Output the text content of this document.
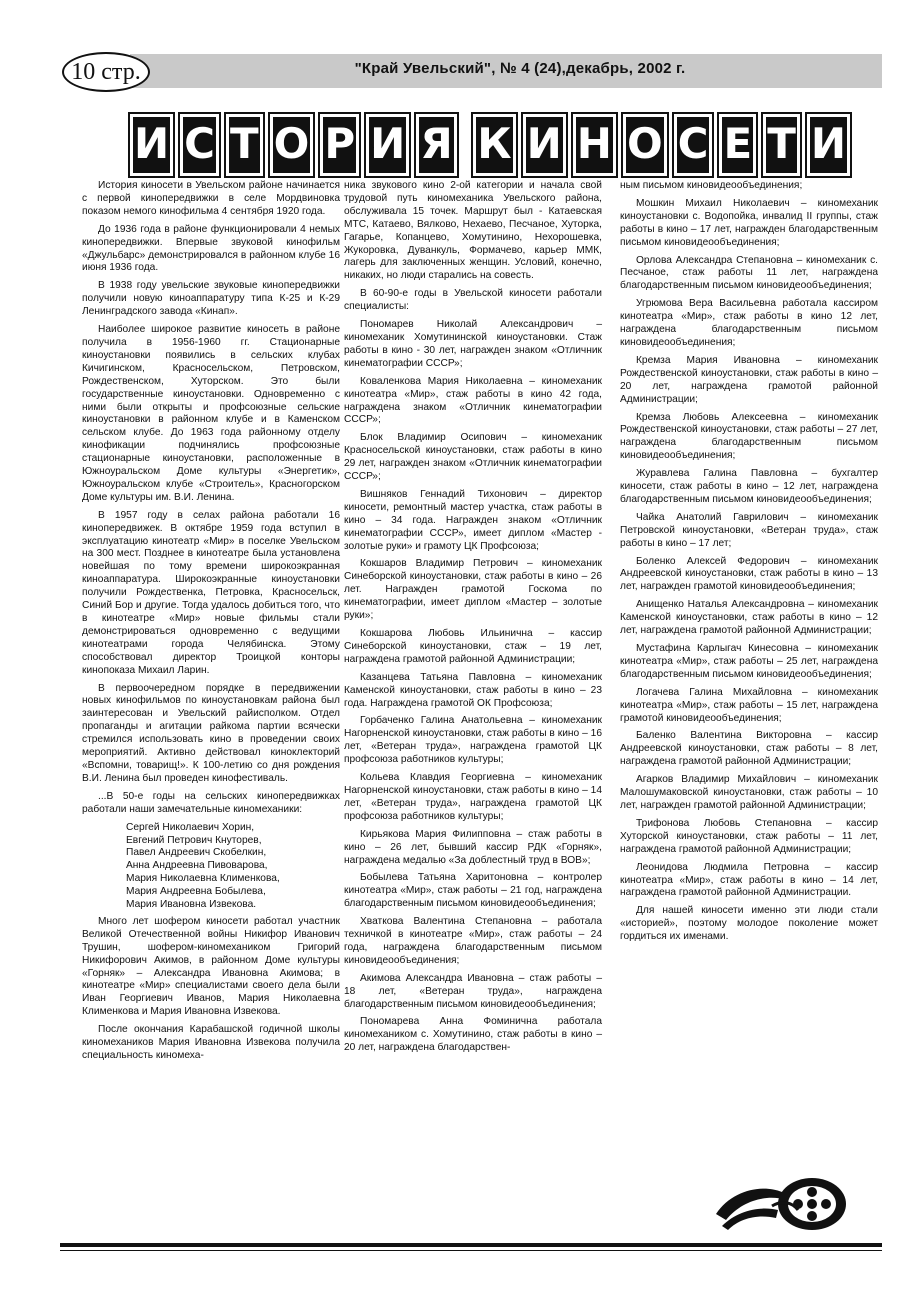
10 стр.	"Край Увельский", № 4 (24),декабрь, 2002 г.
И С Т О Р И Я К И Н О С Е Т И

История киносети в Увельском районе начинается с первой кинопередвижки в селе Мордвиновка показом немого кинофильма 4 сентября 1920 года.

До 1936 года в районе функционировали 4 немых кинопередвижки. Впервые звуковой кинофильм «Джульбарс» демонстрировался в районном клубе 16 июня 1936 года.

В 1938 году увельские звуковые кинопередвижки получили новую киноаппаратуру типа К-25 и К-29 Ленинградского завода «Кинап».

Наиболее широкое развитие киносеть в районе получила в 1956-1960 гг. Стационарные киноустановки появились в сельских клубах Кичигинском, Красносельском, Петровском, Рождественском, Хуторском. Это были государственные киноустановки. Одновременно с ними были открыты и профсоюзные сельские киноустановки в районном клубе и в Каменском сельском клубе. До 1963 года районному отделу кинофикации подчинялись профсоюзные стационарные киноустановки, расположенные в Южноуральском Доме культуры «Энергетик», Южноуральском клубе «Строитель», Красногорском Доме культуры им. В.И. Ленина.

В 1957 году в селах района работали 16 кинопередвижек. В октябре 1959 года вступил в эксплуатацию кинотеатр «Мир» в поселке Увельском на 300 мест. Позднее в кинотеатре была установлена новейшая по тому времени широкоэкранная киноаппаратура. Широкоэкранные киноустановки получили Рождественка, Петровка, Красносельск, Синий Бор и другие. Тогда удалось добиться того, что в кинотеатре «Мир» новые фильмы стали демонстрироваться одновременно с ведущими кинотеатрами города Челябинска. Этому способствовал директор Троицкой конторы кинопоказа Михаил Ларин.

В первоочередном порядке в передвижении новых кинофильмов по киноустановкам района был заинтересован и Увельский райисполком. Отдел пропаганды и агитации райкома партии всячески стремился использовать кино в проведении своих мероприятий. Активно действовал киноклекторий «Вспомни, товарищ!». К 100-летию со дня рождения В.И. Ленина был проведен кинофестиваль.

...В 50-е годы на сельских кинопередвижках работали наши замечательные киномеханики:

Сергей Николаевич Хорин,
Евгений Петрович Кнуторев,
Павел Андреевич Скобелкин,
Анна Андреевна Пивоварова,
Мария Николаевна Клименкова,
Мария Андреевна Бобылева,
Мария Ивановна Извекова.

Много лет шофером киносети работал участник Великой Отечественной войны Никифор Иванович Трушин, шофером-киномехаником Григорий Никифорович Акимов, в районном Доме культуры «Горняк» – Александра Ивановна Акимова; в кинотеатре «Мир» специалистами своего дела были Иван Георгиевич Иванов, Мария Николаевна Клименкова и Мария Ивановна Извекова.

После окончания Карабашской годичной школы киномехаников Мария Ивановна Извекова получила специальность киномеха-

ника звукового кино 2-ой категории и начала свой трудовой путь киномеханика Увельского района, обслуживала 15 точек. Маршрут был - Катаевская МТС, Катаево, Вялково, Нехаево, Песчаное, Хуторка, Гагарье, Копанцево, Хомутинино, Нехорошевка, Жукоровка, Дуванкуль, Формачево, карьер ММК, лагерь для заключенных женщин. Условий, конечно, никаких, но люди старались на совесть.

В 60-90-е годы в Увельской киносети работали специалисты:

Пономарев Николай Александрович – киномеханик Хомутининской киноустановки. Стаж работы в кино - 30 лет, награжден знаком «Отличник кинематографии СССР»;

Коваленкова Мария Николаевна – киномеханик кинотеатра «Мир», стаж работы в кино 42 года, награждена знаком «Отличник кинематографии СССР»;

Блок Владимир Осипович – киномеханик Красносельской киноустановки, стаж работы в кино 29 лет, награжден знаком «Отличник кинематографии СССР»;

Вишняков Геннадий Тихонович – директор киносети, ремонтный мастер участка, стаж работы в кино – 34 года. Награжден знаком «Отличник кинематографии СССР», имеет диплом «Мастер - золотые руки» и грамоту ЦК Профсоюза;

Кокшаров Владимир Петрович – киномеханик Синеборской киноустановки, стаж работы в кино – 26 лет. Награжден грамотой Госкома по кинематографии, имеет диплом «Мастер – золотые руки»;

Кокшарова Любовь Ильинична – кассир Синеборской киноустановки, стаж – 19 лет, награждена грамотой районной Администрации;

Казанцева Татьяна Павловна – киномеханик Каменской киноустановки, стаж работы в кино – 23 года. Награждена грамотой ОК Профсоюза;

Горбаченко Галина Анатольевна – киномеханик Нагорненской киноустановки, стаж работы в кино – 16 лет, «Ветеран труда», награждена грамотой ЦК профсоюза работников культуры;

Кольева Клавдия Георгиевна – киномеханик Нагорненской киноустановки, стаж работы в кино – 14 лет, «Ветеран труда», награждена грамотой ЦК профсоюза работников культуры;

Кирьякова Мария Филипповна – стаж работы в кино – 26 лет, бывший кассир РДК «Горняк», награждена медалью «За доблестный труд в ВОВ»;

Бобылева Татьяна Харитоновна – контролер кинотеатра «Мир», стаж работы – 21 год, награждена благодарственным письмом киновидеообъединения;

Хваткова Валентина Степановна – работала техничкой в кинотеатре «Мир», стаж работы – 24 года, награждена благодарственным письмом киновидеообъединения;

Акимова Александра Ивановна – стаж работы – 18 лет, «Ветеран труда», награждена благодарственным письмом киновидеообъединения;

Пономарева Анна Фоминична работала киномехаником с. Хомутинино, стаж работы в кино – 20 лет, награждена благодарствен-

ным письмом киновидеообъединения;

Мошкин Михаил Николаевич – киномеханик киноустановки с. Водопойка, инвалид II группы, стаж работы в кино – 17 лет, награжден благодарственным письмом киновидеообъединения;

Орлова Александра Степановна – киномеханик с. Песчаное, стаж работы 11 лет, награждена благодарственным письмом киновидеообъединения;

Угрюмова Вера Васильевна работала кассиром кинотеатра «Мир», стаж работы в кино 12 лет, награждена благодарственным письмом киновидеообъединения;

Кремза Мария Ивановна – киномеханик Рождественской киноустановки, стаж работы в кино – 20 лет, награждена грамотой районной Администрации;

Кремза Любовь Алексеевна – киномеханик Рождественской киноустановки, стаж работы – 27 лет, награждена благодарственным письмом киновидеообъединения;

Журавлева Галина Павловна – бухгалтер киносети, стаж работы в кино – 12 лет, награждена благодарственным письмом киновидеообъединения;

Чайка Анатолий Гаврилович – киномеханик Петровской киноустановки, «Ветеран труда», стаж работы в кино – 17 лет;

Боленко Алексей Федорович – киномеханик Андреевской киноустановки, стаж работы в кино – 13 лет, награжден грамотой киновидеообъединения;

Анищенко Наталья Александровна – киномеханик Каменской киноустановки, стаж работы в кино – 12 лет, награждена грамотой районной Администрации;

Мустафина Карлыгач Кинесовна – киномеханик кинотеатра «Мир», стаж работы – 25 лет, награждена благодарственным письмом киновидеообъединения;

Логачева Галина Михайловна – киномеханик кинотеатра «Мир», стаж работы – 15 лет, награждена грамотой киновидеообъединения;

Баленко Валентина Викторовна – кассир Андреевской киноустановки, стаж работы – 8 лет, награждена грамотой районной Администрации;

Агарков Владимир Михайлович – киномеханик Малошумаковской киноустановки, стаж работы – 10 лет, награжден грамотой районной Администрации;

Трифонова Любовь Степановна – кассир Хуторской киноустановки, стаж работы – 11 лет, награждена грамотой районной Администрации;

Леонидова Людмила Петровна – кассир кинотеатра «Мир», стаж работы в кино – 14 лет, награждена грамотой районной Администрации.

Для нашей киносети именно эти люди стали «историей», поэтому молодое поколение может гордиться их именами.
